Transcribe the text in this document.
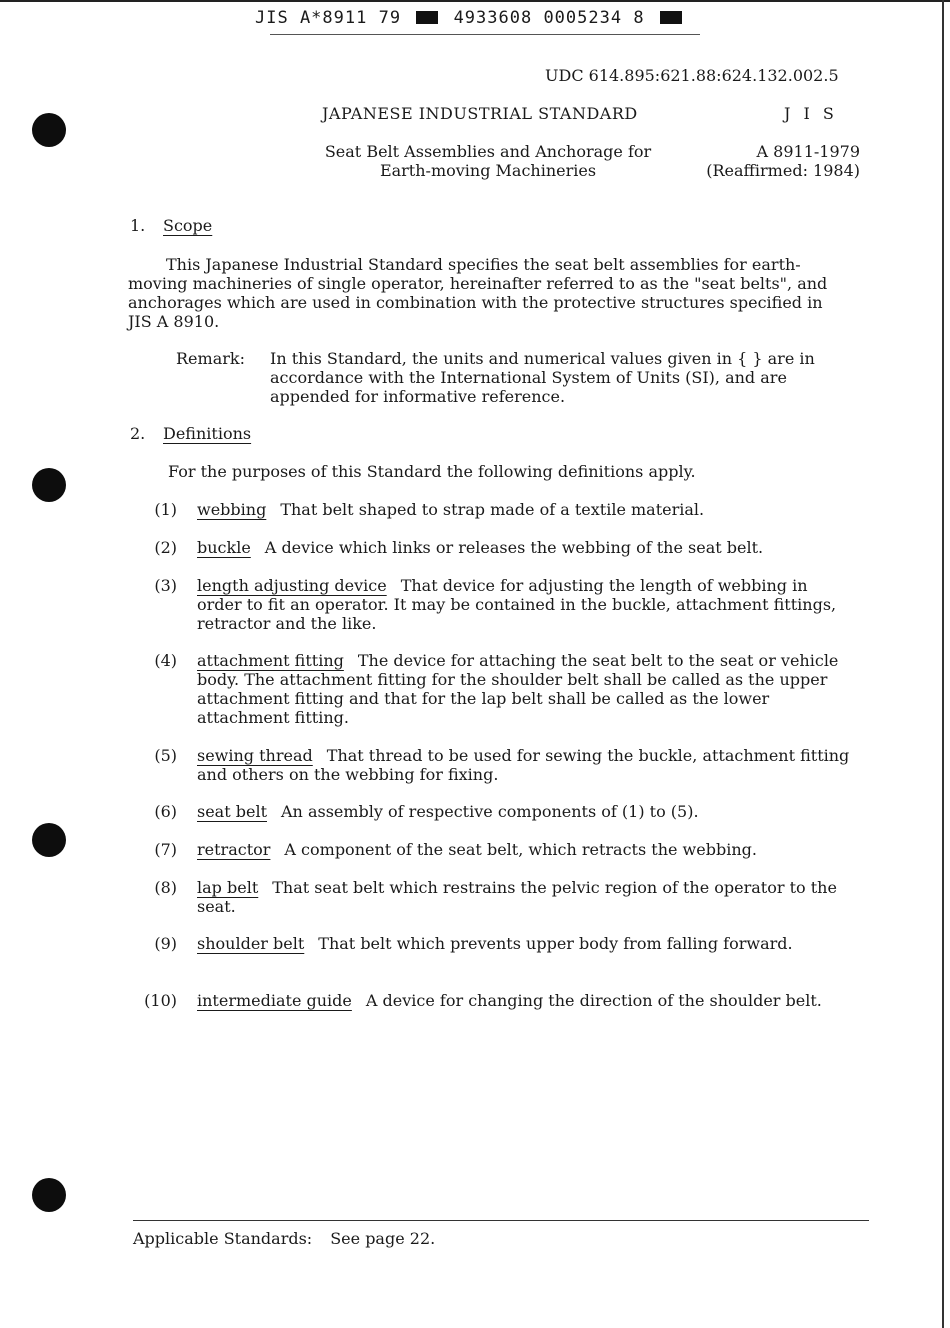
JIS A*8911 79	4933608 0005234 8
UDC 614.895:621.88:624.132.002.5
JAPANESE INDUSTRIAL STANDARD	J I S
Seat Belt Assemblies and Anchorage for
Earth-moving Machineries
A 8911-1979
(Reaffirmed: 1984)
1. Scope
This Japanese Industrial Standard specifies the seat belt assemblies for earth-moving machineries of single operator, hereinafter referred to as the "seat belts", and anchorages which are used in combination with the protective structures specified in JIS A 8910.
Remark: In this Standard, the units and numerical values given in { } are in accordance with the International System of Units (SI), and are appended for informative reference.
2. Definitions
For the purposes of this Standard the following definitions apply.
(1) webbing That belt shaped to strap made of a textile material.
(2) buckle A device which links or releases the webbing of the seat belt.
(3) length adjusting device That device for adjusting the length of webbing in order to fit an operator. It may be contained in the buckle, attachment fittings, retractor and the like.
(4) attachment fitting The device for attaching the seat belt to the seat or vehicle body. The attachment fitting for the shoulder belt shall be called as the upper attachment fitting and that for the lap belt shall be called as the lower attachment fitting.
(5) sewing thread That thread to be used for sewing the buckle, attachment fitting and others on the webbing for fixing.
(6) seat belt An assembly of respective components of (1) to (5).
(7) retractor A component of the seat belt, which retracts the webbing.
(8) lap belt That seat belt which restrains the pelvic region of the operator to the seat.
(9) shoulder belt That belt which prevents upper body from falling forward.
(10) intermediate guide A device for changing the direction of the shoulder belt.
Applicable Standards: See page 22.
